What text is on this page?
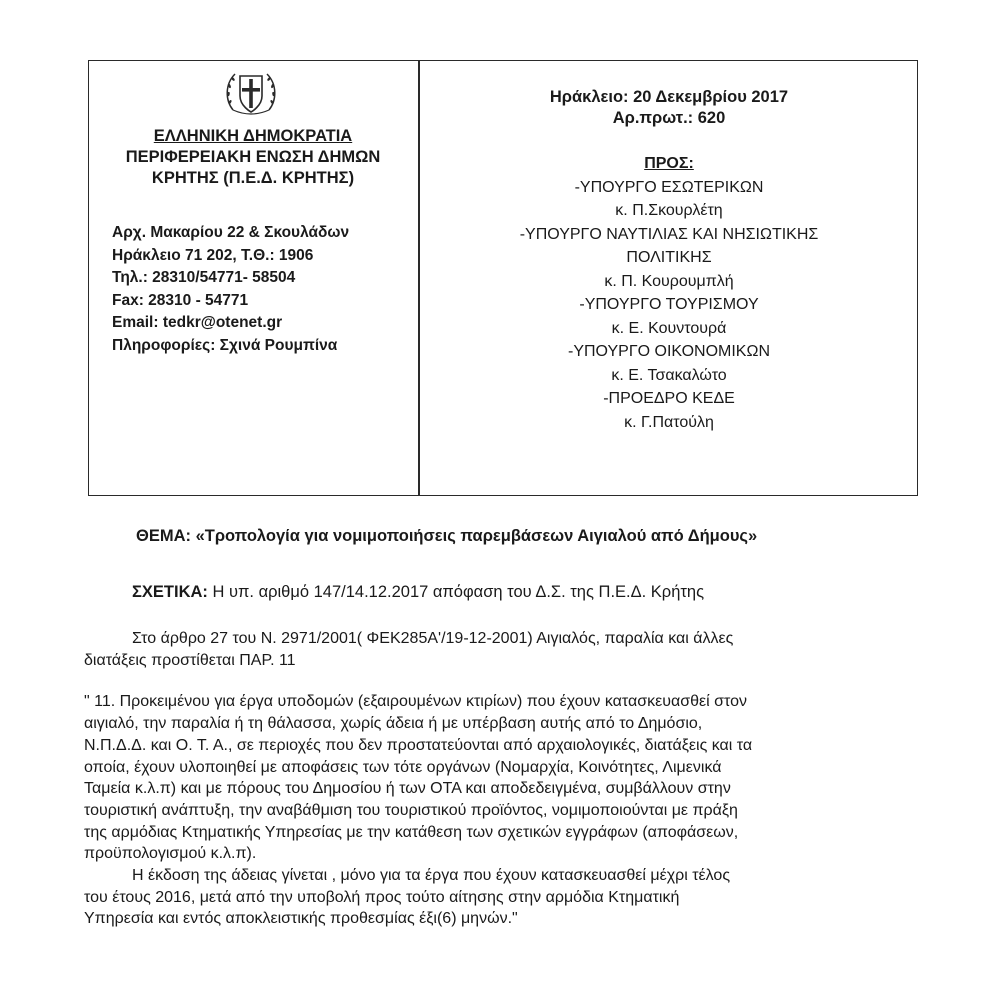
ΕΛΛΗΝΙΚΗ ΔΗΜΟΚΡΑΤΙΑ
ΠΕΡΙΦΕΡΕΙΑΚΗ ΕΝΩΣΗ ΔΗΜΩΝ
ΚΡΗΤΗΣ (Π.Ε.Δ. ΚΡΗΤΗΣ)
Αρχ. Μακαρίου 22 & Σκουλάδων
Ηράκλειο 71 202, Τ.Θ.: 1906
Τηλ.: 28310/54771- 58504
Fax: 28310 - 54771
Email: tedkr@otenet.gr
Πληροφορίες: Σχινά Ρουμπίνα
Ηράκλειο: 20 Δεκεμβρίου 2017
Αρ.πρωτ.: 620
ΠΡΟΣ:
-ΥΠΟΥΡΓΟ ΕΣΩΤΕΡΙΚΩΝ
κ. Π.Σκουρλέτη
-ΥΠΟΥΡΓΟ ΝΑΥΤΙΛΙΑΣ ΚΑΙ ΝΗΣΙΩΤΙΚΗΣ
ΠΟΛΙΤΙΚΗΣ
κ. Π. Κουρουμπλή
-ΥΠΟΥΡΓΟ ΤΟΥΡΙΣΜΟΥ
κ. Ε. Κουντουρά
-ΥΠΟΥΡΓΟ ΟΙΚΟΝΟΜΙΚΩΝ
κ. Ε. Τσακαλώτο
-ΠΡΟΕΔΡΟ ΚΕΔΕ
κ. Γ.Πατούλη
ΘΕΜΑ: «Τροπολογία για νομιμοποιήσεις παρεμβάσεων Αιγιαλού από Δήμους»
ΣΧΕΤΙΚΑ: Η υπ. αριθμό 147/14.12.2017 απόφαση του Δ.Σ. της Π.Ε.Δ. Κρήτης
Στο άρθρο 27 του Ν. 2971/2001( ΦΕΚ285Α'/19-12-2001) Αιγιαλός, παραλία και άλλες
διατάξεις προστίθεται ΠΑΡ. 11
" 11. Προκειμένου για έργα υποδομών (εξαιρουμένων κτιρίων) που έχουν κατασκευασθεί στον
αιγιαλό, την παραλία ή τη θάλασσα, χωρίς άδεια ή με υπέρβαση αυτής από το Δημόσιο,
Ν.Π.Δ.Δ. και Ο. Τ. Α., σε περιοχές που δεν προστατεύονται από αρχαιολογικές, διατάξεις και τα
οποία, έχουν υλοποιηθεί με αποφάσεις των τότε οργάνων (Νομαρχία, Κοινότητες, Λιμενικά
Ταμεία κ.λ.π) και με πόρους του Δημοσίου ή των ΟΤΑ και αποδεδειγμένα, συμβάλλουν στην
τουριστική ανάπτυξη, την αναβάθμιση του τουριστικού προϊόντος, νομιμοποιούνται με πράξη
της αρμόδιας Κτηματικής Υπηρεσίας με την κατάθεση των σχετικών εγγράφων (αποφάσεων,
προϋπολογισμού κ.λ.π).
Η έκδοση της άδειας γίνεται , μόνο για τα έργα που έχουν κατασκευασθεί μέχρι τέλος
του έτους 2016, μετά από την υποβολή προς τούτο αίτησης στην αρμόδια Κτηματική
Υπηρεσία και εντός αποκλειστικής προθεσμίας έξι(6) μηνών."
